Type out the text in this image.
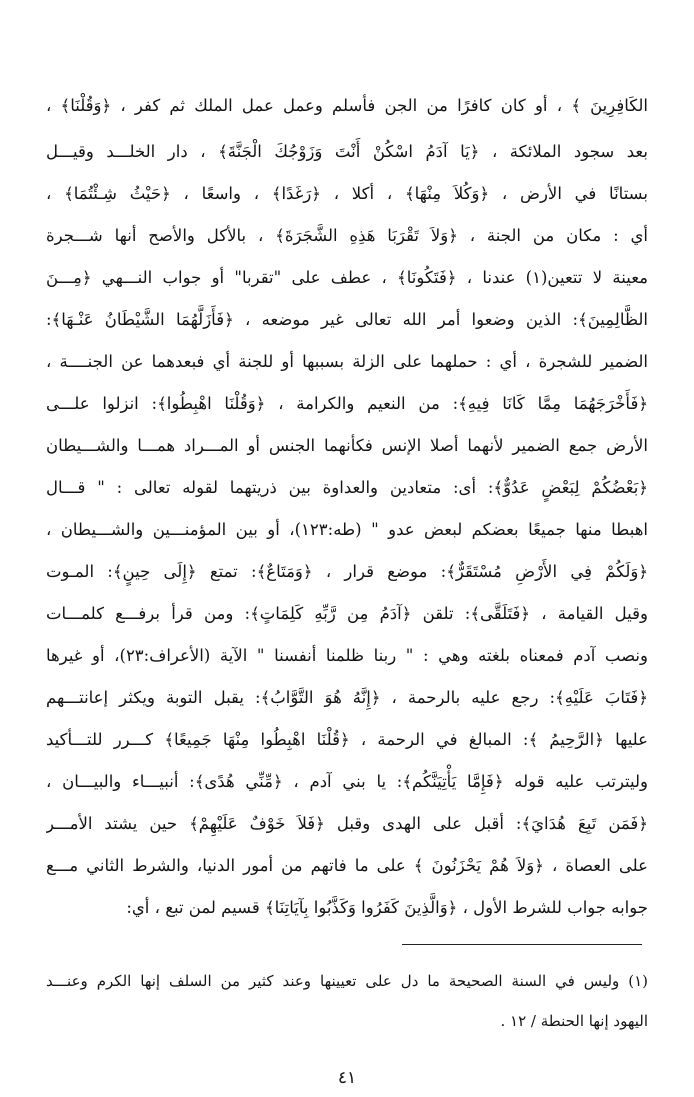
الكَافِرِينَ ﴾ ، أو كان كافرًا من الجن فأسلم وعمل عمل الملك ثم كفر ، ﴿وَقُلْنَا﴾ ،
بعد سجود الملائكة ، ﴿يَا آدَمُ اسْكُنْ أَنْتَ وَزَوْجُكَ الْجَنَّةَ﴾ ، دار الخلـــد وقيـــل
بستانًا في الأرض ، ﴿وَكُلاَ مِنْهَا﴾ ، أكلا ، ﴿رَغَدًا﴾ ، واسعًا ، ﴿حَيْثُ شِـئْتُمَا﴾ ،
أي : مكان من الجنة ، ﴿وَلاَ تَقْرَبَا هَذِهِ الشَّجَرَةَ﴾ ، بالأكل والأصح أنها شـــجرة
معينة لا تتعين(١) عندنا ، ﴿فَتَكُونَا﴾ ، عطف على "تقربا" أو جواب النـــهي ﴿مِـــنَ
الظَّالِمِينَ﴾: الذين وضعوا أمر الله تعالى غير موضعه ، ﴿فَأَزَلَّهُمَا الشَّيْطَانُ عَنْـهَا﴾:
الضمير للشجرة ، أي : حملهما على الزلة بسببها أو للجنة أي فبعدهما عن الجنــــة ،
﴿فَأَخْرَجَهُمَا مِمَّا كَانَا فِيهِ﴾: من النعيم والكرامة ، ﴿وَقُلْنَا اهْبِطُوا﴾: انزلوا علـــى
الأرض جمع الضمير لأنهما أصلا الإنس فكأنهما الجنس أو المـــراد همـــا والشـــيطان
﴿بَعْضُكُمْ لِبَعْضٍ عَدُوٌّ﴾: أى: متعادين والعداوة بين ذريتهما لقوله تعالى : " قـــال
اهبطا منها جميعًا بعضكم لبعض عدو " (طه:١٢٣)، أو بين المؤمنـــين والشـــيطان ،
﴿وَلَكُمْ فِي الأَرْضِ مُسْتَقَرٌّ﴾: موضع قرار ، ﴿وَمَتَاعٌ﴾: تمتع ﴿إِلَى حِينٍ﴾: المـوت
وقيل القيامة ، ﴿فَتَلَقَّى﴾: تلقن ﴿آدَمُ مِن رَّبِّهِ كَلِمَاتٍ﴾: ومن قرأ برفـــع كلمـــات
ونصب آدم فمعناه بلغته وهي : " ربنا ظلمنا أنفسنا " الآية (الأعراف:٢٣)، أو غيرها
﴿فَتَابَ عَلَيْهِ﴾: رجع عليه بالرحمة ، ﴿إِنَّهُ هُوَ التَّوَّابُ﴾: يقبل التوبة ويكثر إعانتـــهم
عليها ﴿الرَّحِيمُ ﴾: المبالغ في الرحمة ، ﴿قُلْنَا اهْبِطُوا مِنْهَا جَمِيعًا﴾ كـــرر للتـــأكيد
وليترتب عليه قوله ﴿فَإِمَّا يَأْتِيَنَّكُم﴾: يا بني آدم ، ﴿مِّنِّي هُدًى﴾: أنبيـــاء والبيـــان ،
﴿فَمَن تَبِعَ هُدَايَ﴾: أقبل على الهدى وقبل ﴿فَلاَ خَوْفٌ عَلَيْهِمْ﴾ حين يشتد الأمـــر
على العصاة ، ﴿وَلاَ هُمْ يَحْزَنُونَ ﴾ على ما فاتهم من أمور الدنيا، والشرط الثاني مـــع
جوابه جواب للشرط الأول ، ﴿وَالَّذِينَ كَفَرُوا وَكَذَّبُوا بِآيَاتِنَا﴾ قسيم لمن تبع ، أي:
(١) وليس في السنة الصحيحة ما دل على تعيينها وعند كثير من السلف إنها الكرم وعنـــد
اليهود إنها الحنطة / ١٢ .
٤١
